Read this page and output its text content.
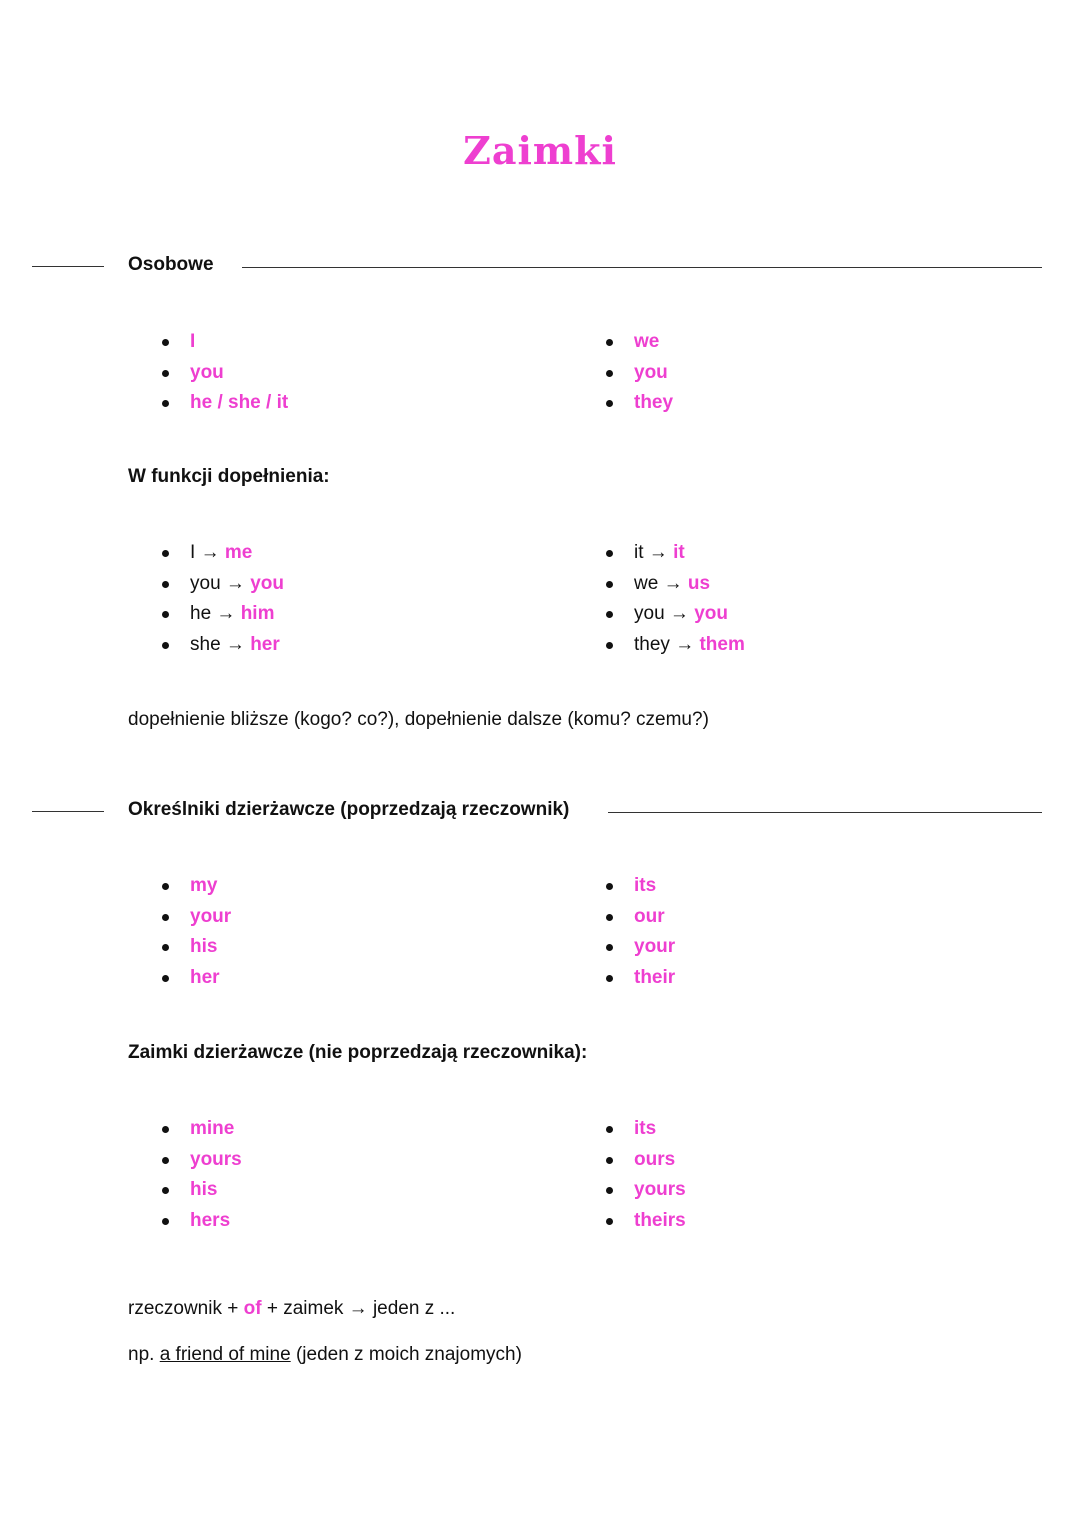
Zaimki
Osobowe
I
you
he / she / it
we
you
they
W funkcji dopełnienia:
I → me
you → you
he → him
she → her
it → it
we → us
you → you
they → them
dopełnienie bliższe (kogo? co?), dopełnienie dalsze (komu? czemu?)
Określniki dzierżawcze (poprzedzają rzeczownik)
my
your
his
her
its
our
your
their
Zaimki dzierżawcze (nie poprzedzają rzeczownika):
mine
yours
his
hers
its
ours
yours
theirs
rzeczownik + of + zaimek → jeden z ...
np. a friend of mine (jeden z moich znajomych)
